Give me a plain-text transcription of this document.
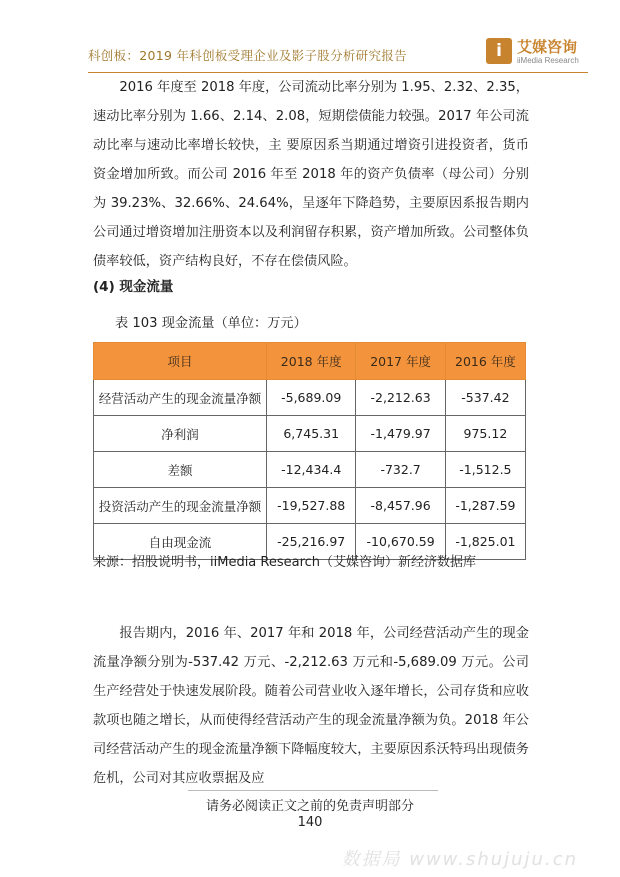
科创板：2019 年科创板受理企业及影子股分析研究报告	i	艾媒咨询
iiMedia Research

2016 年度至 2018 年度，公司流动比率分别为 1.95、2.32、2.35，速动比率分别为 1.66、2.14、2.08，短期偿债能力较强。2017 年公司流动比率与速动比率增长较快，主 要原因系当期通过增资引进投资者，货币资金增加所致。而公司 2016 年至 2018 年的资产负债率（母公司）分别为 39.23%、32.66%、24.64%，呈逐年下降趋势，主要原因系报告期内公司通过增资增加注册资本以及利润留存积累，资产增加所致。公司整体负债率较低，资产结构良好，不存在偿债风险。

(4) 现金流量
表 103 现金流量（单位：万元）
项目	2018 年度	2017 年度	2016 年度
经营活动产生的现金流量净额	-5,689.09	-2,212.63	-537.42
净利润	6,745.31	-1,479.97	975.12
差额	-12,434.4	-732.7	-1,512.5
投资活动产生的现金流量净额	-19,527.88	-8,457.96	-1,287.59
自由现金流	-25,216.97	-10,670.59	-1,825.01
来源：招股说明书，iiMedia Research（艾媒咨询）新经济数据库

报告期内，2016 年、2017 年和 2018 年，公司经营活动产生的现金流量净额分别为-537.42 万元、-2,212.63 万元和-5,689.09 万元。公司生产经营处于快速发展阶段。随着公司营业收入逐年增长，公司存货和应收款项也随之增长，从而使得经营活动产生的现金流量净额为负。2018 年公司经营活动产生的现金流量净额下降幅度较大，主要原因系沃特玛出现债务危机，公司对其应收票据及应

请务必阅读正文之前的免责声明部分
140
数据局 www.shujuju.cn
